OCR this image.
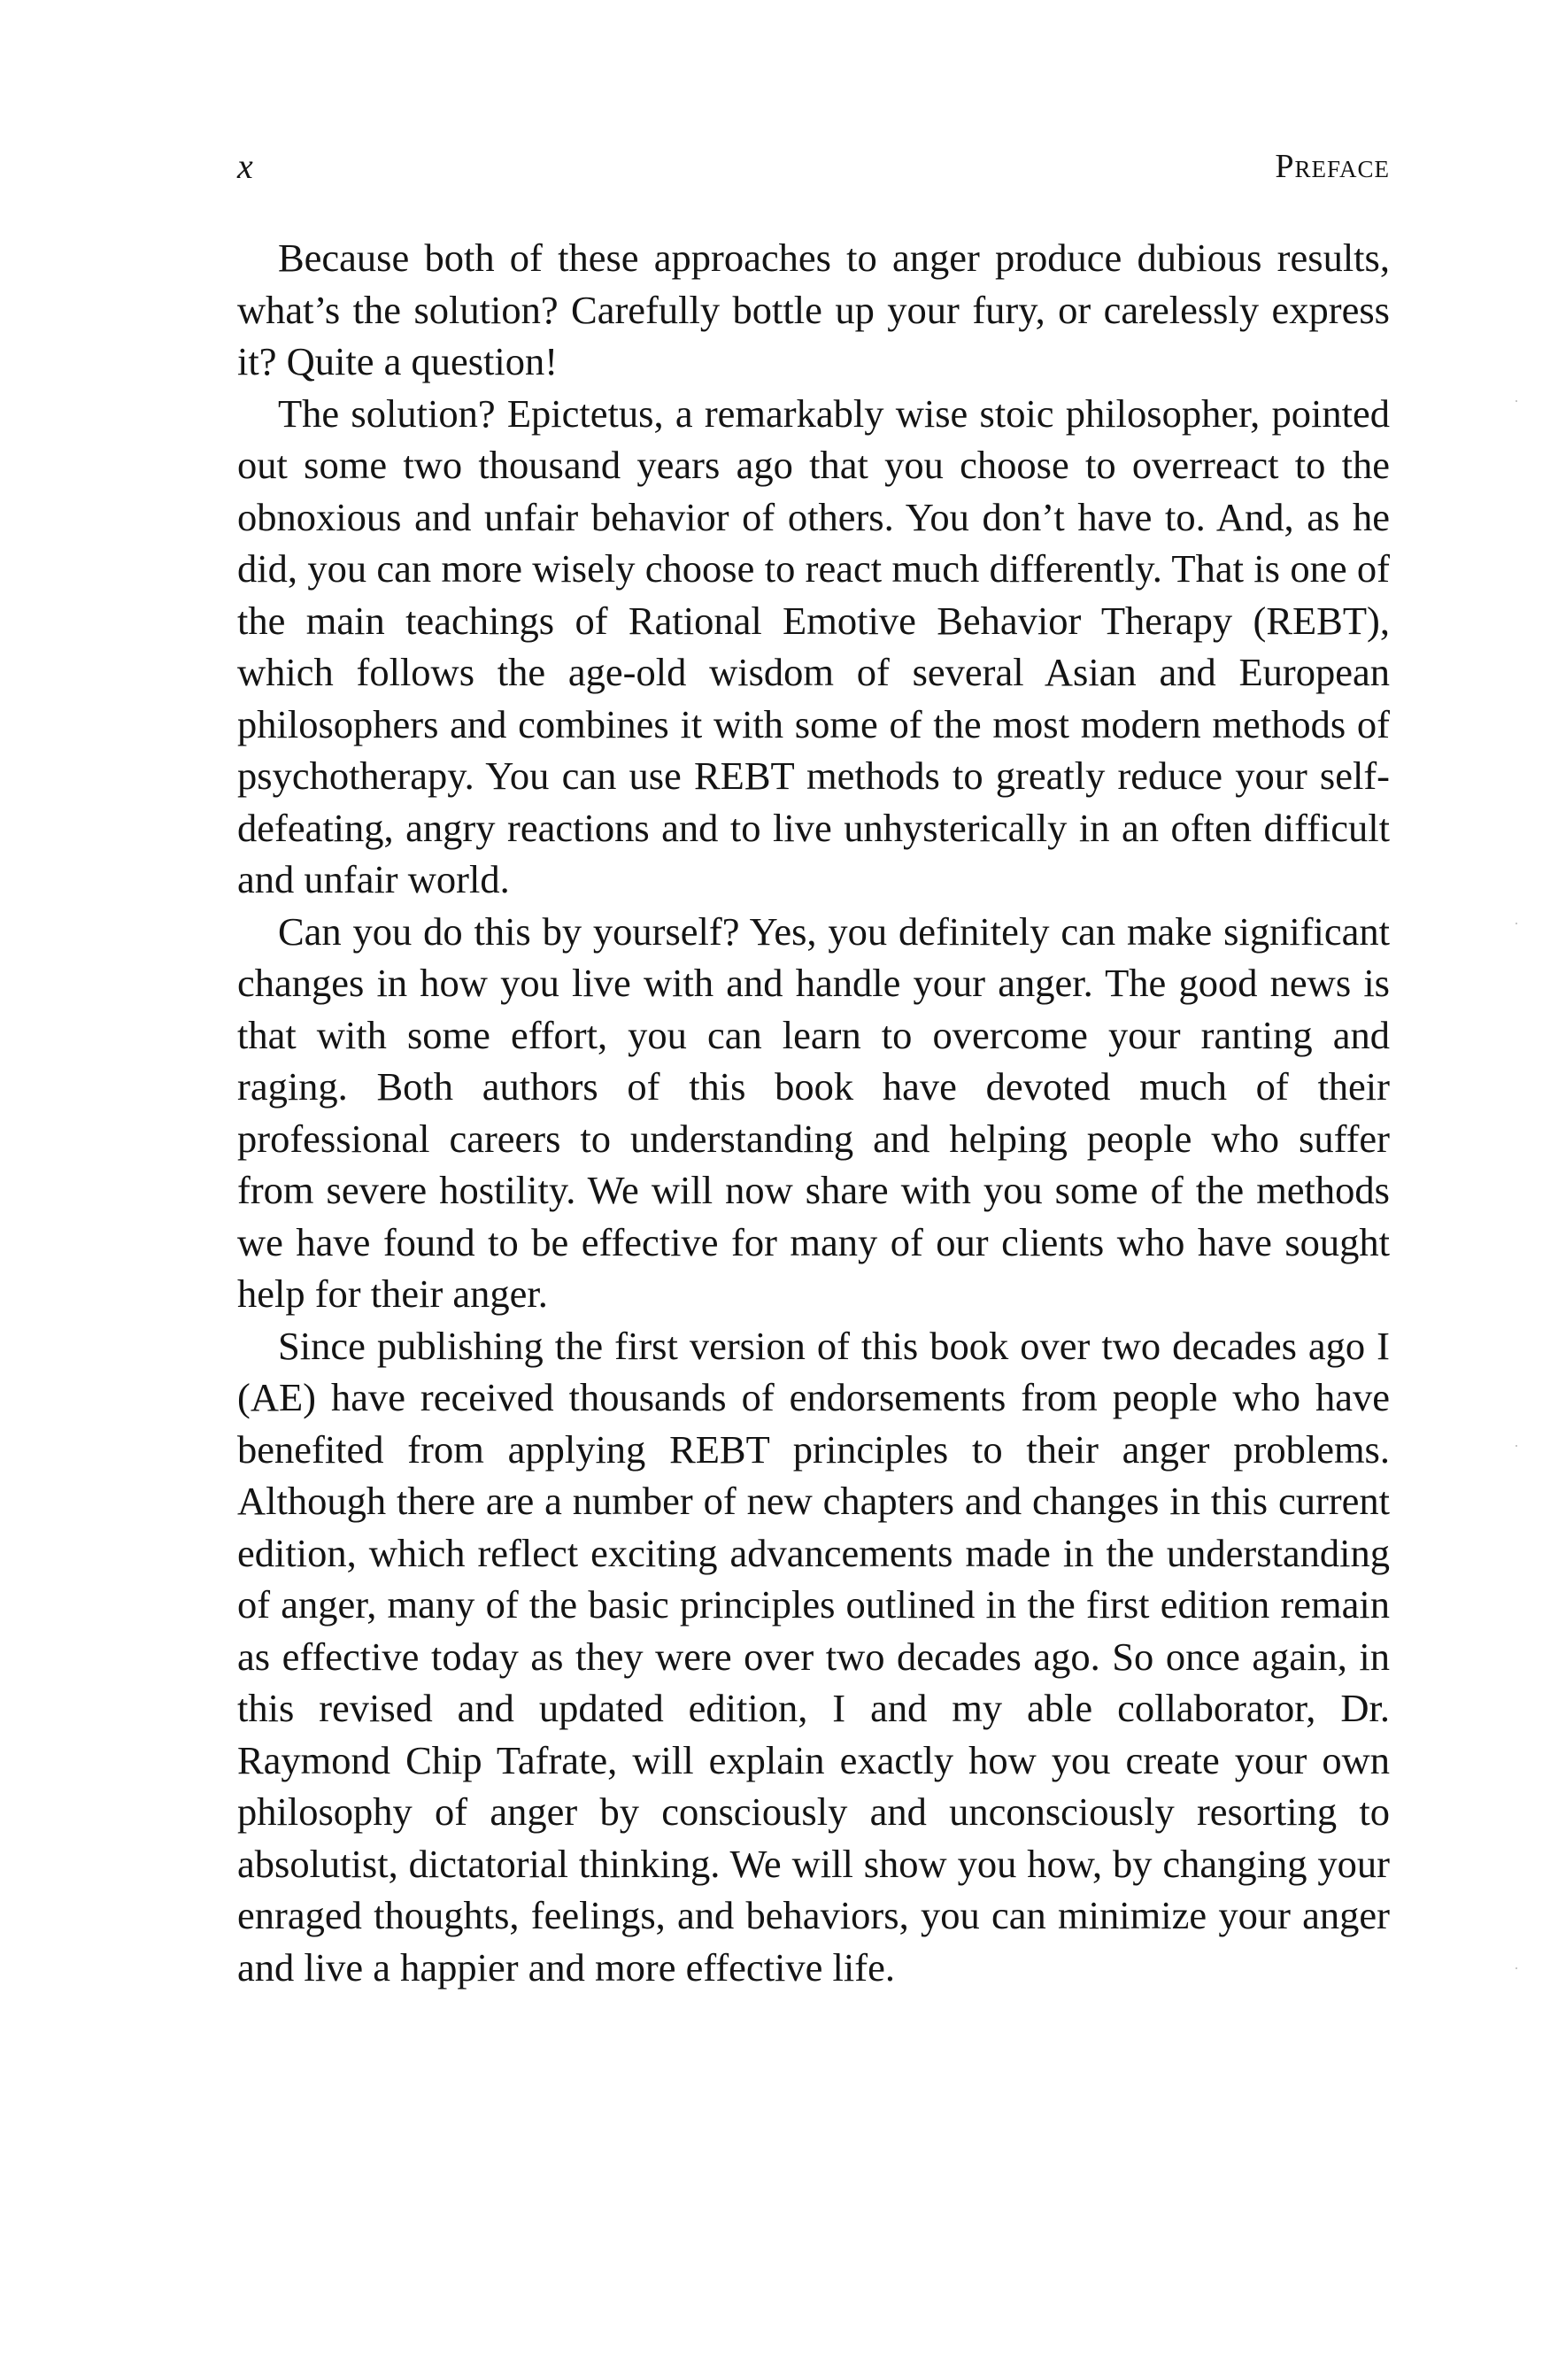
x	Preface

Because both of these approaches to anger produce dubious results, what’s the solution? Carefully bottle up your fury, or carelessly express it? Quite a question!

The solution? Epictetus, a remarkably wise stoic philosopher, pointed out some two thousand years ago that you choose to overreact to the obnoxious and unfair behavior of others. You don’t have to. And, as he did, you can more wisely choose to react much differently. That is one of the main teachings of Rational Emotive Behavior Therapy (REBT), which follows the age-old wisdom of several Asian and European philosophers and combines it with some of the most modern methods of psychotherapy. You can use REBT methods to greatly reduce your self-defeating, angry reactions and to live unhysterically in an often difficult and unfair world.

Can you do this by yourself? Yes, you definitely can make significant changes in how you live with and handle your anger. The good news is that with some effort, you can learn to overcome your ranting and raging. Both authors of this book have devoted much of their professional careers to understanding and helping people who suffer from severe hostility. We will now share with you some of the methods we have found to be effective for many of our clients who have sought help for their anger.

Since publishing the first version of this book over two decades ago I (AE) have received thousands of endorsements from people who have benefited from applying REBT principles to their anger problems. Although there are a number of new chapters and changes in this current edition, which reflect exciting advancements made in the understanding of anger, many of the basic principles outlined in the first edition remain as effective today as they were over two decades ago. So once again, in this revised and updated edition, I and my able collaborator, Dr. Raymond Chip Tafrate, will explain exactly how you create your own philosophy of anger by consciously and unconsciously resorting to absolutist, dictatorial thinking. We will show you how, by changing your enraged thoughts, feelings, and behaviors, you can minimize your anger and live a happier and more effective life.
